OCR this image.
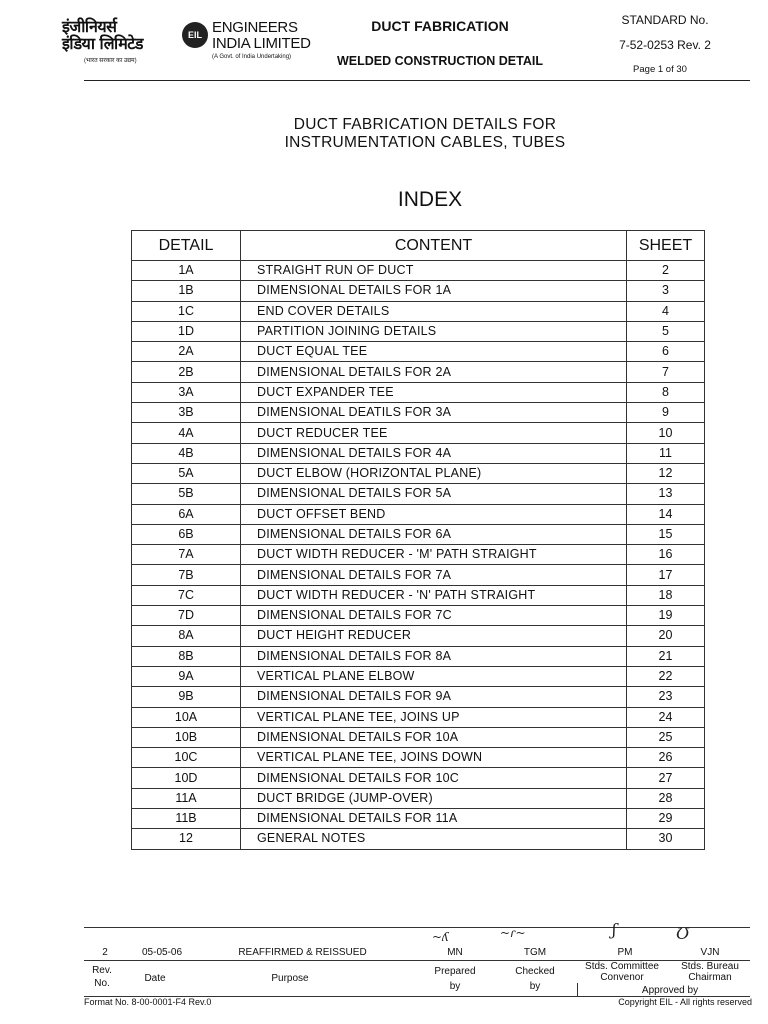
इंजीनियर्स
इंडिया लिमिटेड	EIL ENGINEERS
INDIA LIMITED
(भारत सरकार का उद्यम)
(A Govt. of India Undertaking)
DUCT FABRICATION
WELDED CONSTRUCTION DETAIL
STANDARD No.
7-52-0253 Rev. 2
Page 1 of 30
DUCT FABRICATION DETAILS FOR
INSTRUMENTATION CABLES, TUBES
INDEX
DETAIL	CONTENT	SHEET
1A	STRAIGHT RUN OF DUCT	2
1B	DIMENSIONAL DETAILS FOR 1A	3
1C	END COVER DETAILS	4
1D	PARTITION JOINING DETAILS	5
2A	DUCT EQUAL TEE	6
2B	DIMENSIONAL DETAILS FOR 2A	7
3A	DUCT EXPANDER TEE	8
3B	DIMENSIONAL DEATILS FOR 3A	9
4A	DUCT REDUCER TEE	10
4B	DIMENSIONAL DETAILS FOR 4A	11
5A	DUCT ELBOW (HORIZONTAL PLANE)	12
5B	DIMENSIONAL DETAILS FOR 5A	13
6A	DUCT OFFSET BEND	14
6B	DIMENSIONAL DETAILS FOR 6A	15
7A	DUCT WIDTH REDUCER - 'M' PATH STRAIGHT	16
7B	DIMENSIONAL DETAILS FOR 7A	17
7C	DUCT WIDTH REDUCER - 'N' PATH STRAIGHT	18
7D	DIMENSIONAL DETAILS FOR 7C	19
8A	DUCT HEIGHT REDUCER	20
8B	DIMENSIONAL DETAILS FOR 8A	21
9A	VERTICAL PLANE ELBOW	22
9B	DIMENSIONAL DETAILS FOR 9A	23
10A	VERTICAL PLANE TEE, JOINS UP	24
10B	DIMENSIONAL DETAILS FOR 10A	25
10C	VERTICAL PLANE TEE, JOINS DOWN	26
10D	DIMENSIONAL DETAILS FOR 10C	27
11A	DUCT BRIDGE (JUMP-OVER)	28
11B	DIMENSIONAL DETAILS FOR 11A	29
12	GENERAL NOTES	30
~ʎ	~ɾ~	ʃ	Ʊ
2	05-05-06	REAFFIRMED & REISSUED	MN	TGM	PM	VJN
Rev.
No.	Date	Purpose
Prepared
by
Checked
by
Stds. Committee
Convenor
Stds. Bureau
Chairman
Approved by
Format No. 8-00-0001-F4 Rev.0	Copyright EIL - All rights reserved
